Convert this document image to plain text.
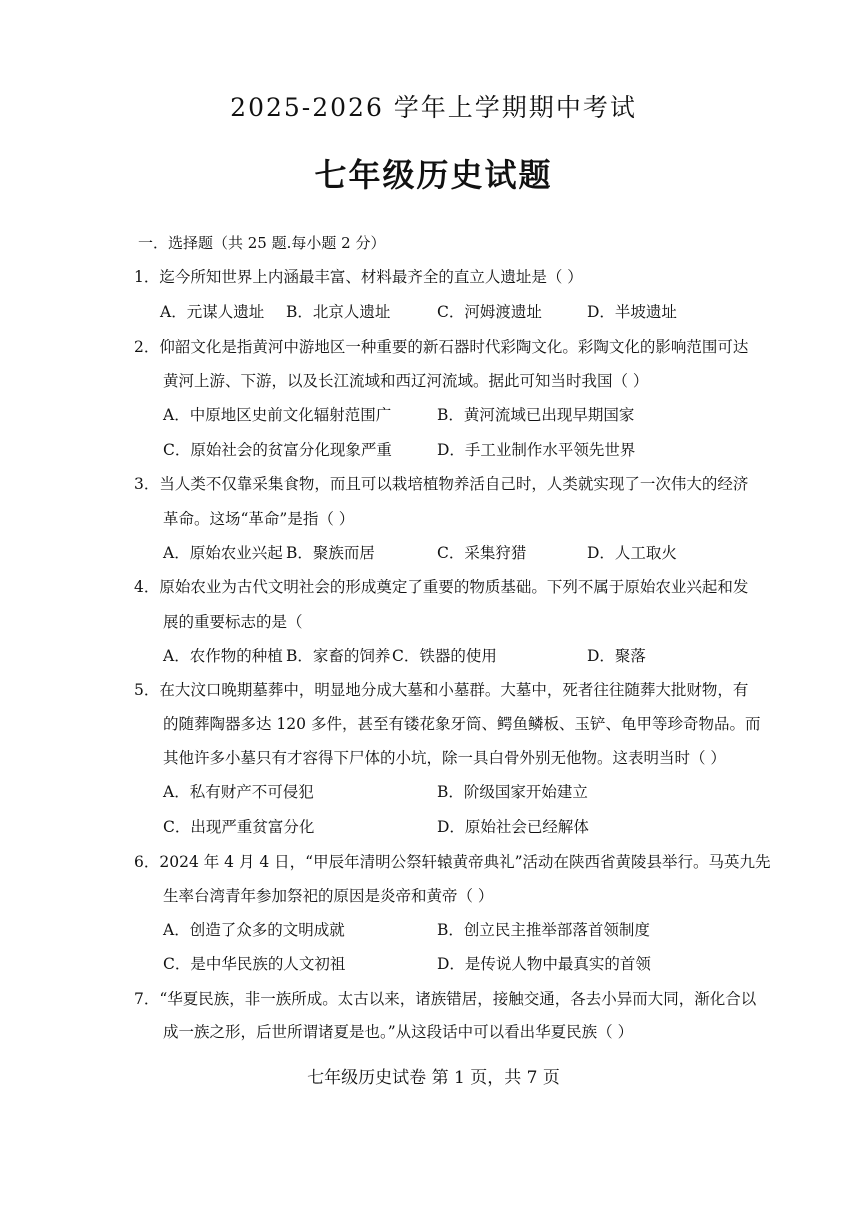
2025-2026 学年上学期期中考试
七年级历史试题
一．选择题（共 25 题.每小题 2 分）
1．迄今所知世界上内涵最丰富、材料最齐全的直立人遗址是（ ）
A．元谋人遗址 B．北京人遗址	C．河姆渡遗址	D．半坡遗址
2．仰韶文化是指黄河中游地区一种重要的新石器时代彩陶文化。彩陶文化的影响范围可达
黄河上游、下游，以及长江流域和西辽河流域。据此可知当时我国（ ）
A．中原地区史前文化辐射范围广	B．黄河流域已出现早期国家
C．原始社会的贫富分化现象严重	D．手工业制作水平领先世界
3．当人类不仅靠采集食物，而且可以栽培植物养活自己时，人类就实现了一次伟大的经济
革命。这场“革命”是指（ ）
A．原始农业兴起 B．聚族而居	C．采集狩猎	D．人工取火
4．原始农业为古代文明社会的形成奠定了重要的物质基础。下列不属于原始农业兴起和发
展的重要标志的是（
A．农作物的种植 B．家畜的饲养 C．铁器的使用	D．聚落
5．在大汶口晚期墓葬中，明显地分成大墓和小墓群。大墓中，死者往往随葬大批财物，有
的随葬陶器多达 120 多件，甚至有镂花象牙筒、鳄鱼鳞板、玉铲、龟甲等珍奇物品。而
其他许多小墓只有才容得下尸体的小坑，除一具白骨外别无他物。这表明当时（ ）
A．私有财产不可侵犯	B．阶级国家开始建立
C．出现严重贫富分化	D．原始社会已经解体
6．2024 年 4 月 4 日，“甲辰年清明公祭轩辕黄帝典礼”活动在陕西省黄陵县举行。马英九先
生率台湾青年参加祭祀的原因是炎帝和黄帝（ ）
A．创造了众多的文明成就	B．创立民主推举部落首领制度
C．是中华民族的人文初祖	D．是传说人物中最真实的首领
7．“华夏民族，非一族所成。太古以来，诸族错居，接触交通，各去小异而大同，渐化合以
成一族之形，后世所谓诸夏是也。”从这段话中可以看出华夏民族（ ）
七年级历史试卷 第 1 页，共 7 页
